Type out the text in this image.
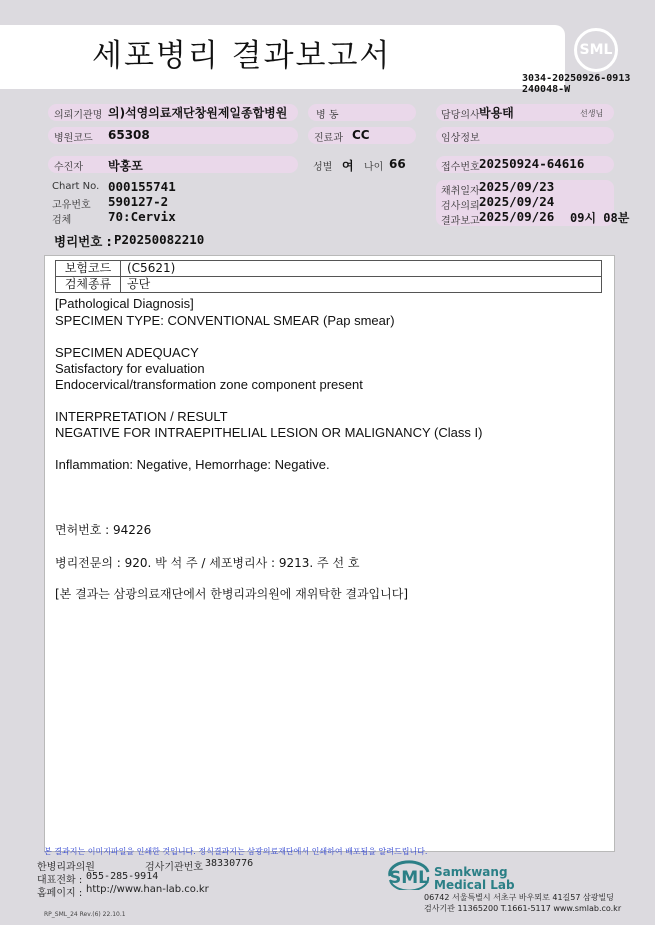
세포병리 결과보고서	SML
3034-20250926-0913
240048-W
의뢰기관명 의)석영의료재단창원제일종합병원	병 동	담당의사 박용태	선생님
병원코드 65308	진료과 CC	임상정보
수진자 박홍포	성별 여 나이 66	접수번호 20250924-64616
Chart No. 000155741
고유번호 590127-2
검체	70:Cervix
채취일자 2025/09/23
검사의뢰 2025/09/24
결과보고 2025/09/26 09시 08분
병리번호 : P20250082210
보험코드	(C5621)
검체종류	공단
[Pathological Diagnosis]
SPECIMEN TYPE: CONVENTIONAL SMEAR (Pap smear)
SPECIMEN ADEQUACY
Satisfactory for evaluation
Endocervical/transformation zone component present
INTERPRETATION / RESULT
NEGATIVE FOR INTRAEPITHELIAL LESION OR MALIGNANCY (Class I)
Inflammation: Negative, Hemorrhage: Negative.
면허번호 : 94226
병리전문의 : 920. 박 석 주 / 세포병리사 : 9213. 주 선 호
[본 결과는 삼광의료재단에서 한병리과의원에 재위탁한 결과입니다]
본 결과지는 이미지파일을 인쇄한 것입니다. 정식결과지는 삼광의료재단에서 인쇄하여 배포됨을 알려드립니다.
한병리과의원	검사기관번호 38330776
대표전화 : 055-285-9914
홈페이지 : http://www.han-lab.co.kr
RP_SML_24 Rev.(6) 22.10.1
SML Samkwang
Medical Lab
06742 서울특별시 서초구 바우뫼로 41길57 삼광빌딩
검사기관 11365200 T.1661-5117 www.smlab.co.kr
